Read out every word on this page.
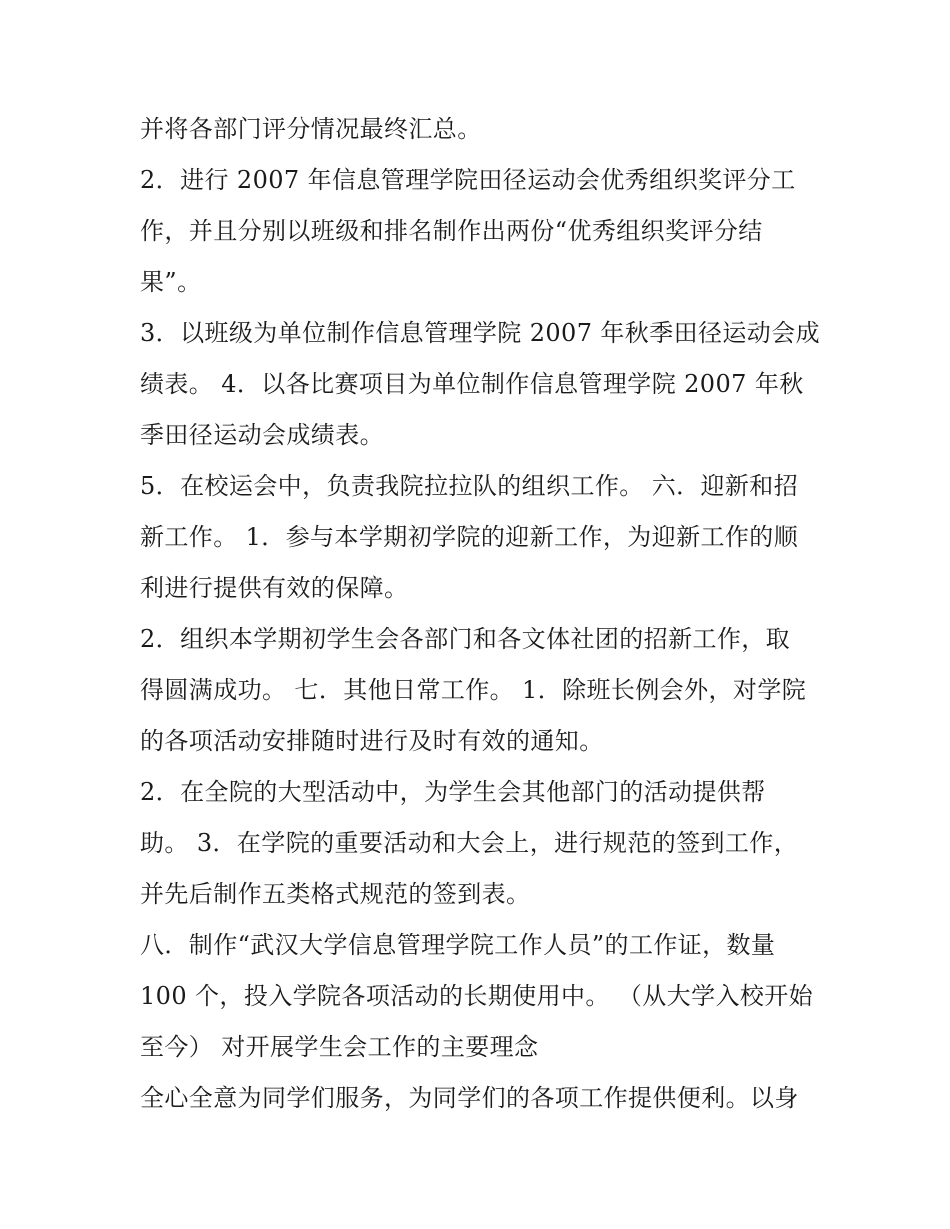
并将各部门评分情况最终汇总。

2．进行 2007 年信息管理学院田径运动会优秀组织奖评分工

作，并且分别以班级和排名制作出两份“优秀组织奖评分结

果”。

3．以班级为单位制作信息管理学院 2007 年秋季田径运动会成

绩表。 4．以各比赛项目为单位制作信息管理学院 2007 年秋

季田径运动会成绩表。

5．在校运会中，负责我院拉拉队的组织工作。 六．迎新和招

新工作。 1．参与本学期初学院的迎新工作，为迎新工作的顺

利进行提供有效的保障。

2．组织本学期初学生会各部门和各文体社团的招新工作，取

得圆满成功。 七．其他日常工作。 1．除班长例会外，对学院

的各项活动安排随时进行及时有效的通知。

2．在全院的大型活动中，为学生会其他部门的活动提供帮

助。 3．在学院的重要活动和大会上，进行规范的签到工作，

并先后制作五类格式规范的签到表。

八．制作“武汉大学信息管理学院工作人员”的工作证，数量

100 个，投入学院各项活动的长期使用中。 （从大学入校开始

至今） 对开展学生会工作的主要理念

全心全意为同学们服务，为同学们的各项工作提供便利。以身
